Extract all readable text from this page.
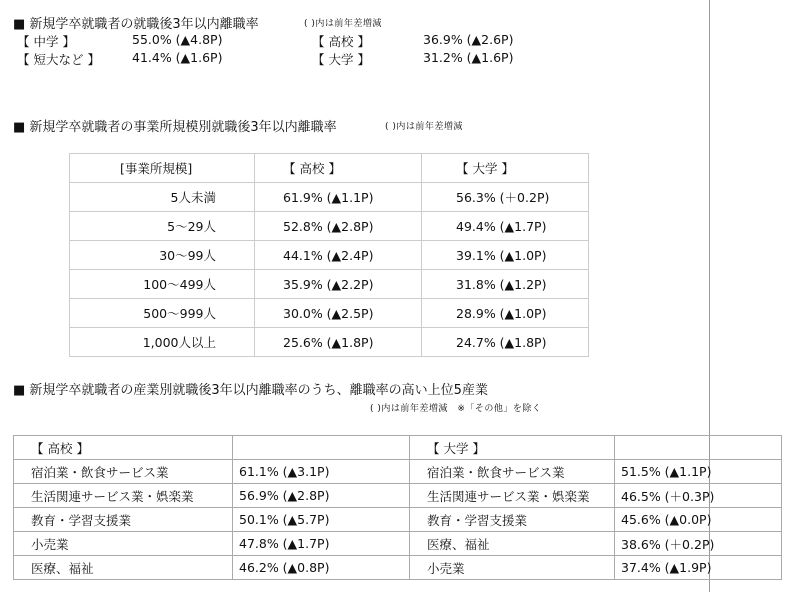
■ 新規学卒就職者の就職後3年以内離職率	( )内は前年差増減
【 中学 】	55.0% (▲4.8P)	【 高校 】	36.9% (▲2.6P)
【 短大など 】	41.4% (▲1.6P)	【 大学 】	31.2% (▲1.6P)
■ 新規学卒就職者の事業所規模別就職後3年以内離職率	( )内は前年差増減
[事業所規模]	【 高校 】	【 大学 】
5人未満	61.9% (▲1.1P)	56.3% (＋0.2P)
5～29人	52.8% (▲2.8P)	49.4% (▲1.7P)
30～99人	44.1% (▲2.4P)	39.1% (▲1.0P)
100～499人	35.9% (▲2.2P)	31.8% (▲1.2P)
500～999人	30.0% (▲2.5P)	28.9% (▲1.0P)
1,000人以上	25.6% (▲1.8P)	24.7% (▲1.8P)
■ 新規学卒就職者の産業別就職後3年以内離職率のうち、離職率の高い上位5産業
( )内は前年差増減　※「その他」を除く
【 高校 】		【 大学 】	
宿泊業・飲食サービス業	61.1% (▲3.1P)	宿泊業・飲食サービス業	51.5% (▲1.1P)
生活関連サービス業・娯楽業	56.9% (▲2.8P)	生活関連サービス業・娯楽業	46.5% (＋0.3P)
教育・学習支援業	50.1% (▲5.7P)	教育・学習支援業	45.6% (▲0.0P)
小売業	47.8% (▲1.7P)	医療、福祉	38.6% (＋0.2P)
医療、福祉	46.2% (▲0.8P)	小売業	37.4% (▲1.9P)
